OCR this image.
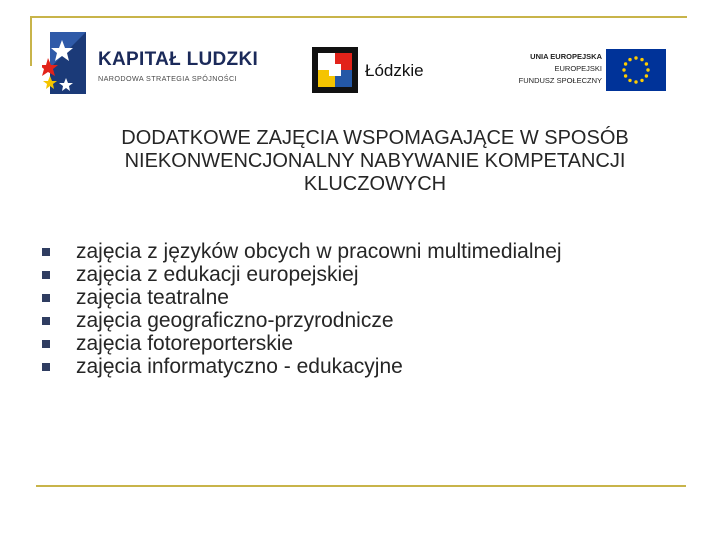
KAPITAŁ LUDZKI
NARODOWA STRATEGIA SPÓJNOŚCI	Łódzkie
UNIA EUROPEJSKA
EUROPEJSKI
FUNDUSZ SPOŁECZNY
DODATKOWE ZAJĘCIA WSPOMAGAJĄCE W SPOSÓB NIEKONWENCJONALNY NABYWANIE KOMPETANCJI KLUCZOWYCH
zajęcia z języków obcych w pracowni multimedialnej
zajęcia z edukacji europejskiej
zajęcia teatralne
zajęcia geograficzno-przyrodnicze
zajęcia fotoreporterskie
zajęcia informatyczno - edukacyjne
